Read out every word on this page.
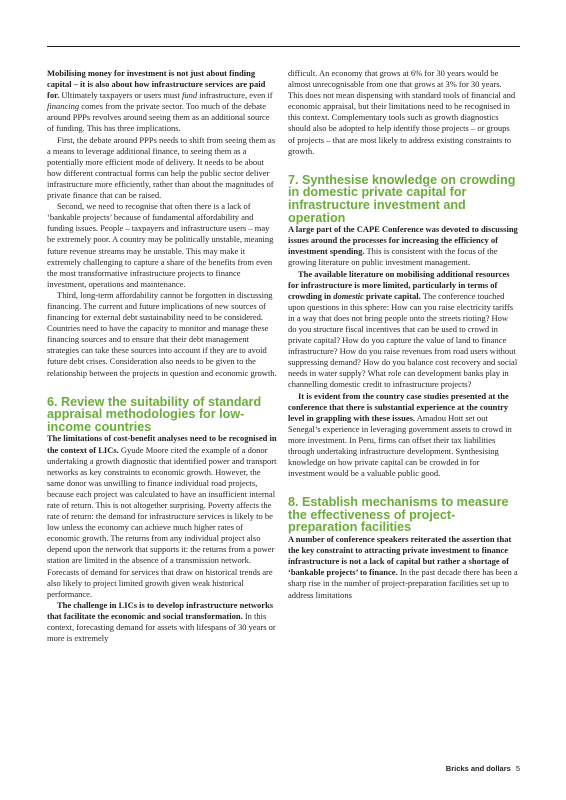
Mobilising money for investment is not just about finding capital – it is also about how infrastructure services are paid for. Ultimately taxpayers or users must fund infrastructure, even if financing comes from the private sector. Too much of the debate around PPPs revolves around seeing them as an additional source of funding. This has three implications.

First, the debate around PPPs needs to shift from seeing them as a means to leverage additional finance, to seeing them as a potentially more efficient mode of delivery. It needs to be about how different contractual forms can help the public sector deliver infrastructure more efficiently, rather than about the magnitudes of private finance that can be raised.

Second, we need to recognise that often there is a lack of ‘bankable projects’ because of fundamental affordability and funding issues. People – taxpayers and infrastructure users – may be extremely poor. A country may be politically unstable, meaning future revenue streams may be unstable. This may make it extremely challenging to capture a share of the benefits from even the most transformative infrastructure projects to finance investment, operations and maintenance.

Third, long-term affordability cannot be forgotten in discussing financing. The current and future implications of new sources of financing for external debt sustainability need to be considered. Countries need to have the capacity to monitor and manage these financing sources and to ensure that their debt management strategies can take these sources into account if they are to avoid future debt crises. Consideration also needs to be given to the relationship between the projects in question and economic growth.

6. Review the suitability of standard appraisal methodologies for low-income countries

The limitations of cost-benefit analyses need to be recognised in the context of LICs. Gyude Moore cited the example of a donor undertaking a growth diagnostic that identified power and transport networks as key constraints to economic growth. However, the same donor was unwilling to finance individual road projects, because each project was calculated to have an insufficient internal rate of return. This is not altogether surprising. Poverty affects the rate of return: the demand for infrastructure services is likely to be low unless the economy can achieve much higher rates of economic growth. The returns from any individual project also depend upon the network that supports it: the returns from a power station are limited in the absence of a transmission network. Forecasts of demand for services that draw on historical trends are also likely to project limited growth given weak historical performance.

The challenge in LICs is to develop infrastructure networks that facilitate the economic and social transformation. In this context, forecasting demand for assets with lifespans of 30 years or more is extremely

difficult. An economy that grows at 6% for 30 years would be almost unrecognisable from one that grows at 3% for 30 years. This does not mean dispensing with standard tools of financial and economic appraisal, but their limitations need to be recognised in this context. Complementary tools such as growth diagnostics should also be adopted to help identify those projects – or groups of projects – that are most likely to address existing constraints to growth.

7. Synthesise knowledge on crowding in domestic private capital for infrastructure investment and operation

A large part of the CAPE Conference was devoted to discussing issues around the processes for increasing the efficiency of investment spending. This is consistent with the focus of the growing literature on public investment management.

The available literature on mobilising additional resources for infrastructure is more limited, particularly in terms of crowding in domestic private capital. The conference touched upon questions in this sphere: How can you raise electricity tariffs in a way that does not bring people onto the streets rioting? How do you structure fiscal incentives that can be used to crowd in private capital? How do you capture the value of land to finance infrastructure? How do you raise revenues from road users without suppressing demand? How do you balance cost recovery and social needs in water supply? What role can development banks play in channelling domestic credit to infrastructure projects?

It is evident from the country case studies presented at the conference that there is substantial experience at the country level in grappling with these issues. Amadou Hott set out Senegal’s experience in leveraging government assets to crowd in more investment. In Peru, firms can offset their tax liabilities through undertaking infrastructure development. Synthesising knowledge on how private capital can be crowded in for investment would be a valuable public good.

8. Establish mechanisms to measure the effectiveness of project-preparation facilities

A number of conference speakers reiterated the assertion that the key constraint to attracting private investment to finance infrastructure is not a lack of capital but rather a shortage of ‘bankable projects’ to finance. In the past decade there has been a sharp rise in the number of project-preparation facilities set up to address limitations

Bricks and dollars 5
